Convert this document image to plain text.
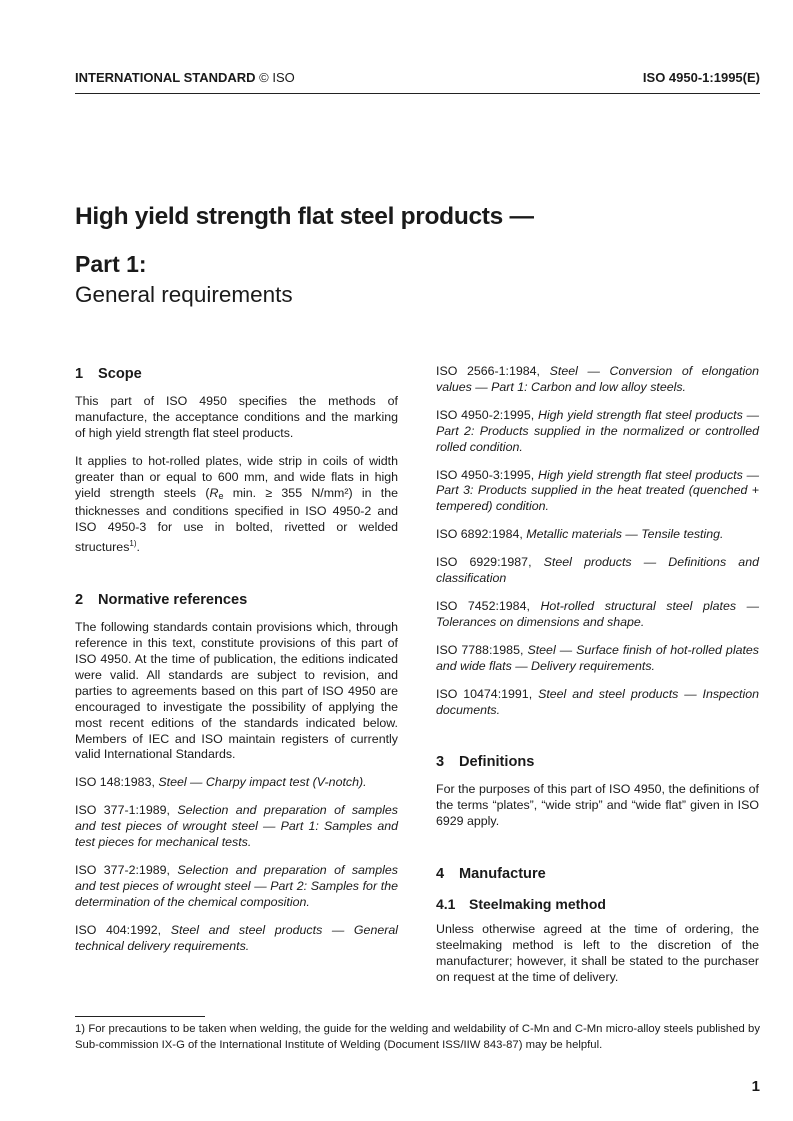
INTERNATIONAL STANDARD © ISO	ISO 4950-1:1995(E)
High yield strength flat steel products —
Part 1:
General requirements
1 Scope

This part of ISO 4950 specifies the methods of manufacture, the acceptance conditions and the marking of high yield strength flat steel products.

It applies to hot-rolled plates, wide strip in coils of width greater than or equal to 600 mm, and wide flats in high yield strength steels ($R_e$ min. ≥ 355 N/mm²) in the thicknesses and conditions specified in ISO 4950-2 and ISO 4950-3 for use in bolted, rivetted or welded structures$^{1)}$.

2 Normative references

The following standards contain provisions which, through reference in this text, constitute provisions of this part of ISO 4950. At the time of publication, the editions indicated were valid. All standards are subject to revision, and parties to agreements based on this part of ISO 4950 are encouraged to investigate the possibility of applying the most recent editions of the standards indicated below. Members of IEC and ISO maintain registers of currently valid International Standards.

ISO 148:1983, Steel — Charpy impact test (V-notch).

ISO 377-1:1989, Selection and preparation of samples and test pieces of wrought steel — Part 1: Samples and test pieces for mechanical tests.

ISO 377-2:1989, Selection and preparation of samples and test pieces of wrought steel — Part 2: Samples for the determination of the chemical composition.

ISO 404:1992, Steel and steel products — General technical delivery requirements.

ISO 2566-1:1984, Steel — Conversion of elongation values — Part 1: Carbon and low alloy steels.

ISO 4950-2:1995, High yield strength flat steel products — Part 2: Products supplied in the normalized or controlled rolled condition.

ISO 4950-3:1995, High yield strength flat steel products — Part 3: Products supplied in the heat treated (quenched + tempered) condition.

ISO 6892:1984, Metallic materials — Tensile testing.

ISO 6929:1987, Steel products — Definitions and classification

ISO 7452:1984, Hot-rolled structural steel plates — Tolerances on dimensions and shape.

ISO 7788:1985, Steel — Surface finish of hot-rolled plates and wide flats — Delivery requirements.

ISO 10474:1991, Steel and steel products — Inspection documents.

3 Definitions

For the purposes of this part of ISO 4950, the definitions of the terms “plates”, “wide strip” and “wide flat” given in ISO 6929 apply.

4 Manufacture
4.1 Steelmaking method

Unless otherwise agreed at the time of ordering, the steelmaking method is left to the discretion of the manufacturer; however, it shall be stated to the purchaser on request at the time of delivery.

1) For precautions to be taken when welding, the guide for the welding and weldability of C-Mn and C-Mn micro-alloy steels published by Sub-commission IX-G of the International Institute of Welding (Document ISS/IIW 843-87) may be helpful.
1
